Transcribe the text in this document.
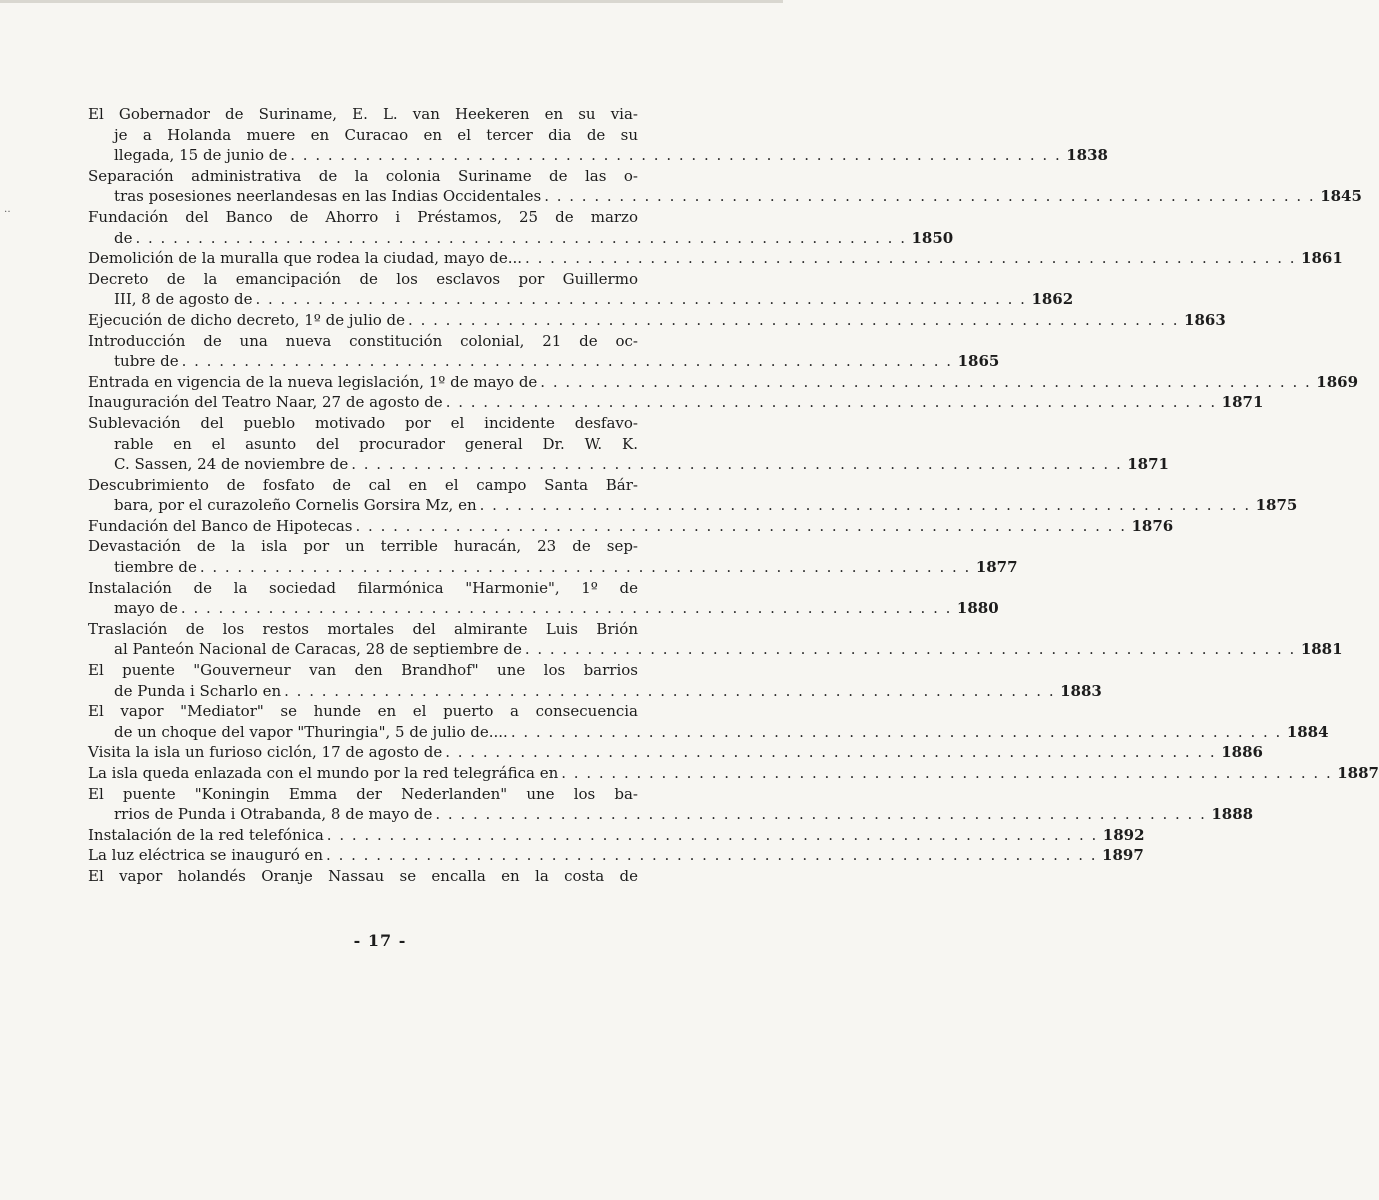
‥
El Gobernador de Suriname, E. L. van Heekeren en su via-
je a Holanda muere en Curacao en el tercer dia de su
llegada, 15 de junio de . . . . . . . . . . . . . . . . . . . . . . . . . . . . . . . . . . . . . . . . . . . . . . . . . . . . . . . . . . . . . . 1838
Separación administrativa de la colonia Suriname de las o-
tras posesiones neerlandesas en las Indias Occidentales . . . . . . . . . . . . . . . . . . . . . . . . . . . . . . . . . . . . . . . . . . . . . . . . . . . . . . . . . . . . . . 1845
Fundación del Banco de Ahorro i Préstamos, 25 de marzo
de . . . . . . . . . . . . . . . . . . . . . . . . . . . . . . . . . . . . . . . . . . . . . . . . . . . . . . . . . . . . . . 1850
Demolición de la muralla que rodea la ciudad, mayo de... . . . . . . . . . . . . . . . . . . . . . . . . . . . . . . . . . . . . . . . . . . . . . . . . . . . . . . . . . . . . . . 1861
Decreto de la emancipación de los esclavos por Guillermo
III, 8 de agosto de . . . . . . . . . . . . . . . . . . . . . . . . . . . . . . . . . . . . . . . . . . . . . . . . . . . . . . . . . . . . . . 1862
Ejecución de dicho decreto, 1º de julio de . . . . . . . . . . . . . . . . . . . . . . . . . . . . . . . . . . . . . . . . . . . . . . . . . . . . . . . . . . . . . . 1863
Introducción de una nueva constitución colonial, 21 de oc-
tubre de . . . . . . . . . . . . . . . . . . . . . . . . . . . . . . . . . . . . . . . . . . . . . . . . . . . . . . . . . . . . . . 1865
Entrada en vigencia de la nueva legislación, 1º de mayo de . . . . . . . . . . . . . . . . . . . . . . . . . . . . . . . . . . . . . . . . . . . . . . . . . . . . . . . . . . . . . . 1869
Inauguración del Teatro Naar, 27 de agosto de . . . . . . . . . . . . . . . . . . . . . . . . . . . . . . . . . . . . . . . . . . . . . . . . . . . . . . . . . . . . . . 1871
Sublevación del pueblo motivado por el incidente desfavo-
rable en el asunto del procurador general Dr. W. K.
C. Sassen, 24 de noviembre de . . . . . . . . . . . . . . . . . . . . . . . . . . . . . . . . . . . . . . . . . . . . . . . . . . . . . . . . . . . . . . 1871
Descubrimiento de fosfato de cal en el campo Santa Bár-
bara, por el curazoleño Cornelis Gorsira Mz, en . . . . . . . . . . . . . . . . . . . . . . . . . . . . . . . . . . . . . . . . . . . . . . . . . . . . . . . . . . . . . . 1875
Fundación del Banco de Hipotecas . . . . . . . . . . . . . . . . . . . . . . . . . . . . . . . . . . . . . . . . . . . . . . . . . . . . . . . . . . . . . . 1876
Devastación de la isla por un terrible huracán, 23 de sep-
tiembre de . . . . . . . . . . . . . . . . . . . . . . . . . . . . . . . . . . . . . . . . . . . . . . . . . . . . . . . . . . . . . . 1877
Instalación de la sociedad filarmónica "Harmonie", 1º de
mayo de . . . . . . . . . . . . . . . . . . . . . . . . . . . . . . . . . . . . . . . . . . . . . . . . . . . . . . . . . . . . . . 1880
Traslación de los restos mortales del almirante Luis Brión
al Panteón Nacional de Caracas, 28 de septiembre de . . . . . . . . . . . . . . . . . . . . . . . . . . . . . . . . . . . . . . . . . . . . . . . . . . . . . . . . . . . . . . 1881
El puente "Gouverneur van den Brandhof" une los barrios
de Punda i Scharlo en . . . . . . . . . . . . . . . . . . . . . . . . . . . . . . . . . . . . . . . . . . . . . . . . . . . . . . . . . . . . . . 1883
El vapor "Mediator" se hunde en el puerto a consecuencia
de un choque del vapor "Thuringia", 5 de julio de.... . . . . . . . . . . . . . . . . . . . . . . . . . . . . . . . . . . . . . . . . . . . . . . . . . . . . . . . . . . . . . . 1884
Visita la isla un furioso ciclón, 17 de agosto de . . . . . . . . . . . . . . . . . . . . . . . . . . . . . . . . . . . . . . . . . . . . . . . . . . . . . . . . . . . . . . 1886
La isla queda enlazada con el mundo por la red telegráfica en . . . . . . . . . . . . . . . . . . . . . . . . . . . . . . . . . . . . . . . . . . . . . . . . . . . . . . . . . . . . . . 1887
El puente "Koningin Emma der Nederlanden" une los ba-
rrios de Punda i Otrabanda, 8 de mayo de . . . . . . . . . . . . . . . . . . . . . . . . . . . . . . . . . . . . . . . . . . . . . . . . . . . . . . . . . . . . . . 1888
Instalación de la red telefónica . . . . . . . . . . . . . . . . . . . . . . . . . . . . . . . . . . . . . . . . . . . . . . . . . . . . . . . . . . . . . . 1892
La luz eléctrica se inauguró en . . . . . . . . . . . . . . . . . . . . . . . . . . . . . . . . . . . . . . . . . . . . . . . . . . . . . . . . . . . . . . 1897
El vapor holandés Oranje Nassau se encalla en la costa de
- 17 -
